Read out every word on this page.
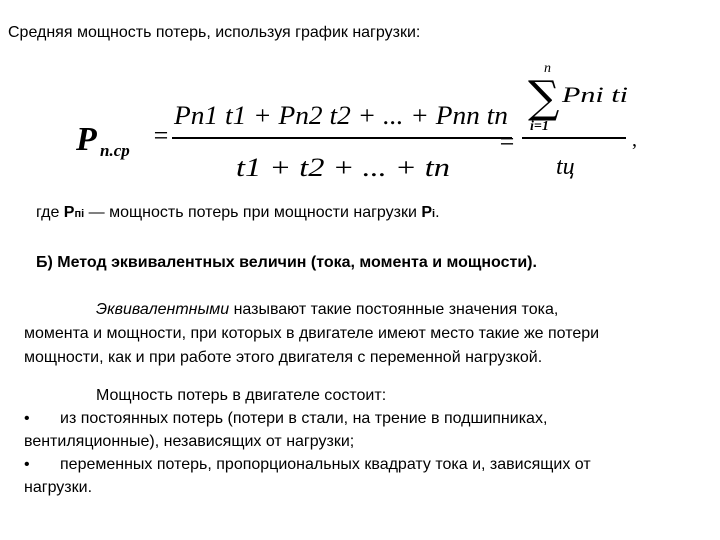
Средняя мощность потерь, используя график нагрузки:
P п.ср
=
Pп1 t1 + Pп2 t2 + ... + Pпn tn
t1 + t2 + ... + tn
=
n
∑ Pпi ti
i=1
tц
,
где Pпi — мощность потерь при мощности нагрузки Pi.
Б) Метод эквивалентных величин (тока, момента и мощности).
Эквивалентными называют такие постоянные значения тока,
момента и мощности, при которых в двигателе имеют место такие же потери
мощности, как и при работе этого двигателя с переменной нагрузкой.
Мощность потерь в двигателе состоит:
• из постоянных потерь (потери в стали, на трение в подшипниках,
вентиляционные), независящих от нагрузки;
• переменных потерь, пропорциональных квадрату тока и, зависящих от
нагрузки.
